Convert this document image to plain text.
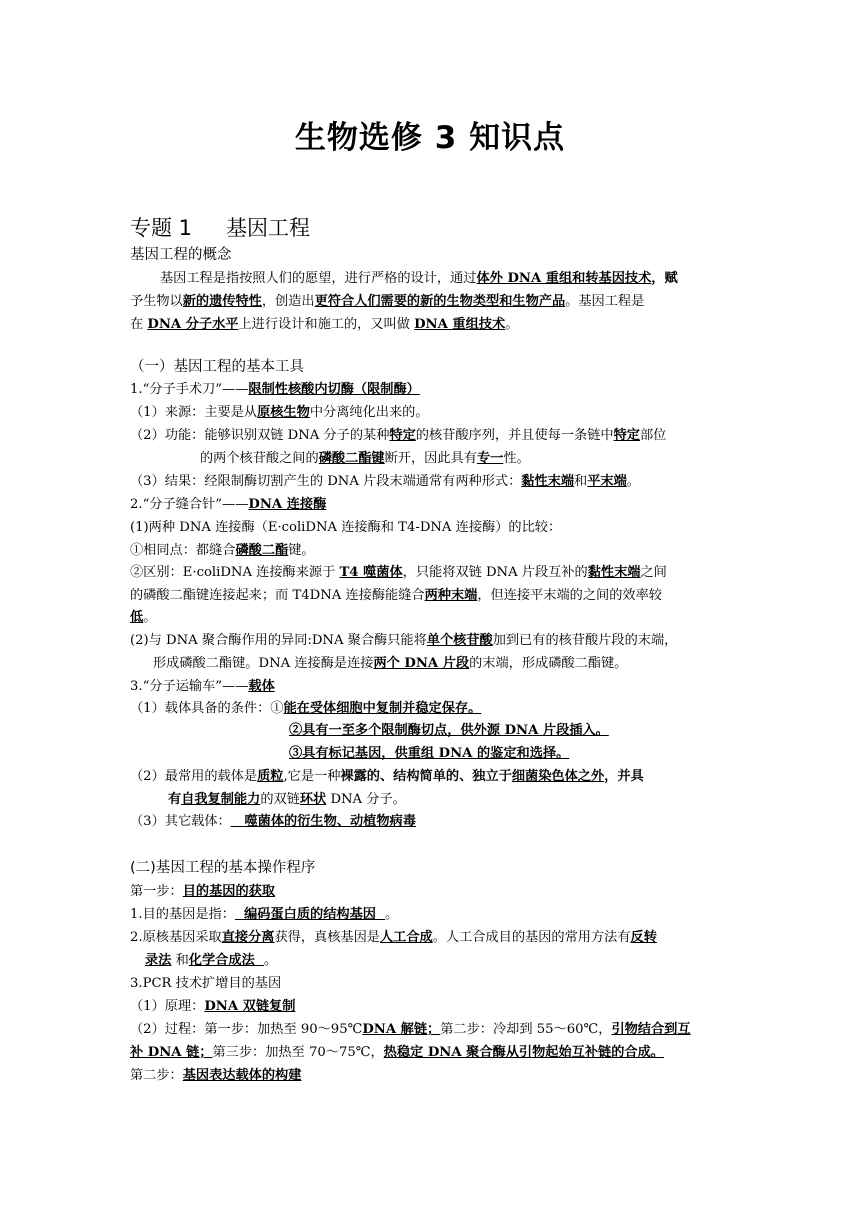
生物选修 3 知识点
专题 1 基因工程
基因工程的概念
基因工程是指按照人们的愿望，进行严格的设计，通过体外 DNA 重组和转基因技术，赋
予生物以新的遗传特性，创造出更符合人们需要的新的生物类型和生物产品。基因工程是
在 DNA 分子水平上进行设计和施工的，又叫做 DNA 重组技术。
（一）基因工程的基本工具
1.“分子手术刀”——限制性核酸内切酶（限制酶）
（1）来源：主要是从原核生物中分离纯化出来的。
（2）功能：能够识别双链 DNA 分子的某种特定的核苷酸序列，并且使每一条链中特定部位
的两个核苷酸之间的磷酸二酯键断开，因此具有专一性。
（3）结果：经限制酶切割产生的 DNA 片段末端通常有两种形式：黏性末端和平末端。
2.“分子缝合针”——DNA 连接酶
(1)两种 DNA 连接酶（E·coliDNA 连接酶和 T4-DNA 连接酶）的比较：
①相同点：都缝合磷酸二酯键。
②区别：E·coliDNA 连接酶来源于 T4 噬菌体，只能将双链 DNA 片段互补的黏性末端之间
的磷酸二酯键连接起来；而 T4DNA 连接酶能缝合两种末端，但连接平末端的之间的效率较
低。
(2)与 DNA 聚合酶作用的异同:DNA 聚合酶只能将单个核苷酸加到已有的核苷酸片段的末端，
形成磷酸二酯键。DNA 连接酶是连接两个 DNA 片段的末端，形成磷酸二酯键。
3.“分子运输车”——载体
（1）载体具备的条件：①能在受体细胞中复制并稳定保存。
②具有一至多个限制酶切点，供外源 DNA 片段插入。
③具有标记基因，供重组 DNA 的鉴定和选择。
（2）最常用的载体是质粒,它是一种裸露的、结构简单的、独立于细菌染色体之外，并具
有自我复制能力的双链环状 DNA 分子。
（3）其它载体：   噬菌体的衍生物、动植物病毒
(二)基因工程的基本操作程序
第一步：目的基因的获取
1.目的基因是指：  编码蛋白质的结构基因  。
2.原核基因采取直接分离获得，真核基因是人工合成。人工合成目的基因的常用方法有反转
录法 和化学合成法  。
3.PCR 技术扩增目的基因
（1）原理：DNA 双链复制
（2）过程：第一步：加热至 90～95℃DNA 解链；第二步：冷却到 55～60℃，引物结合到互
补 DNA 链；第三步：加热至 70～75℃，热稳定 DNA 聚合酶从引物起始互补链的合成。
第二步：基因表达载体的构建
